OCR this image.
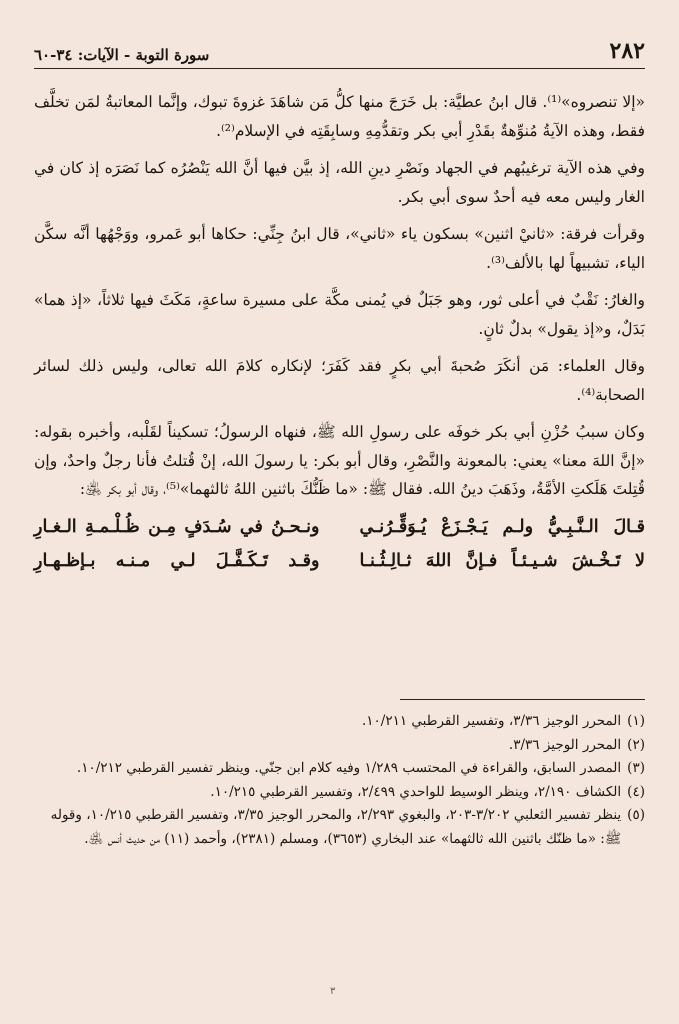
٢٨٢
سورة التوبة - الآيات: ٣٤-٦٠

«إلا تنصروه»⁽¹⁾. قال ابنُ عطيَّة: بل خَرَجَ منها كلُّ مَن شاهَدَ غزوةَ تبوك، وإنَّما المعاتبةُ لمَن تخلَّف فقط، وهذه الآيةُ مُنوِّهةٌ بقَدْرِ أبي بكر وتقدُّمِهِ وسابِقَتِه في الإسلام⁽²⁾.

وفي هذه الآية ترغيبُهم في الجهاد ونَصْرِ دينِ الله، إذ بيَّن فيها أنَّ الله يَنْصُرُه كما نَصَرَه إذ كان في الغار وليس معه فيه أحدٌ سوى أبي بكر.

وقرأت فرقة: «ثانيْ اثنين» بسكون ياء «ثاني»، قال ابنُ جِنِّي: حكاها أبو عَمرو، ووَجْهُها أنَّه سكَّن الياء، تشبيهاً لها بالألف⁽³⁾.

والغارُ: نَقْبٌ في أعلى ثور، وهو جَبَلٌ في يُمنى مكَّة على مسيرة ساعةٍ، مَكَثَ فيها ثلاثاً، «إذ هما» بَدَلٌ، و«إذ يقول» بدلٌ ثانٍ.

وقال العلماء: مَن أنكَرَ صُحبةَ أبي بكرٍ فقد كَفَرَ؛ لإنكاره كلامَ الله تعالى، وليس ذلك لسائر الصحابة⁽⁴⁾.

وكان سببُ حُزْنِ أبي بكر خوفَه على رسولِ الله ﷺ، فنهاه الرسولُ؛ تسكيناً لقَلْبه، وأخبره بقوله: «إنَّ اللهَ معنا» يعني: بالمعونة والنَّصْرِ، وقال أبو بكر: يا رسولَ الله، إنْ قُتلتُ فأنا رجلٌ واحدٌ، وإن قُتِلتَ هَلَكتِ الأمَّةُ، وذَهَبَ دينُ الله. فقال ﷺ: «ما ظَنُّكَ باثنين اللهُ ثالثهما»⁽⁵⁾، وقال أبو بكر ﵁:

قـالَ الـنَّـبِـيُّ ولـم يَـجْـزَعْ يُـوَقِّـرُنـي
ونـحـنُ في سُـدَفٍ مِـن ظُـلْـمـةِ الـغـارِ
لا تَـخْـشَ شـيـئـاً فـإنَّ اللهَ ثـالِـثُـنـا
وقـد تَـكَـفَّـلَ لـي مـنـه بـإظـهـارِ
(١)
المحرر الوجيز ٣/٣٦، وتفسير القرطبي ١٠/٢١١.
(٢)
المحرر الوجيز ٣/٣٦.
(٣)
المصدر السابق، والقراءة في المحتسب ١/٢٨٩ وفيه كلام ابن جنّي. وينظر تفسير القرطبي ١٠/٢١٢.
(٤)
الكشاف ٢/١٩٠، وينظر الوسيط للواحدي ٢/٤٩٩، وتفسير القرطبي ١٠/٢١٥.
(٥)
ينظر تفسير الثعلبي ٣/٢٠٢-٢٠٣، والبغوي ٢/٢٩٣، والمحرر الوجيز ٣/٣٥، وتفسير القرطبي ١٠/٢١٥، وقوله ﷺ: «ما ظنّك باثنين الله ثالثهما» عند البخاري (٣٦٥٣)، ومسلم (٢٣٨١)، وأحمد (١١) من حديث أنس ﵁.
٣
